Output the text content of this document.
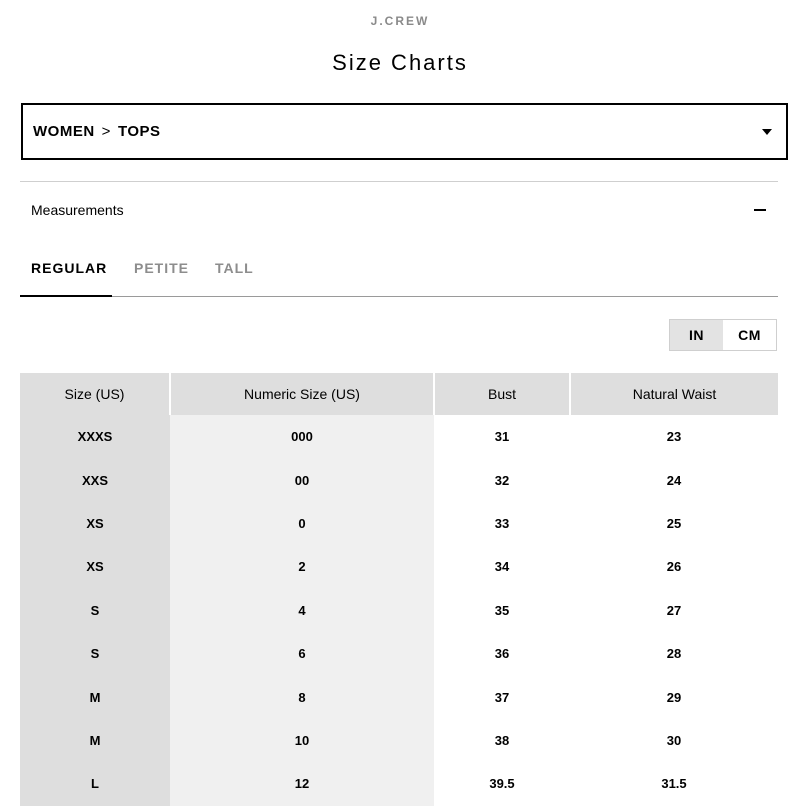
J.CREW
Size Charts
WOMEN > TOPS
Measurements
REGULAR PETITE TALL
IN	CM
Size (US)	Numeric Size (US)	Bust	Natural Waist
XXXS	000	31	23
XXS	00	32	24
XS	0	33	25
XS	2	34	26
S	4	35	27
S	6	36	28
M	8	37	29
M	10	38	30
L	12	39.5	31.5
